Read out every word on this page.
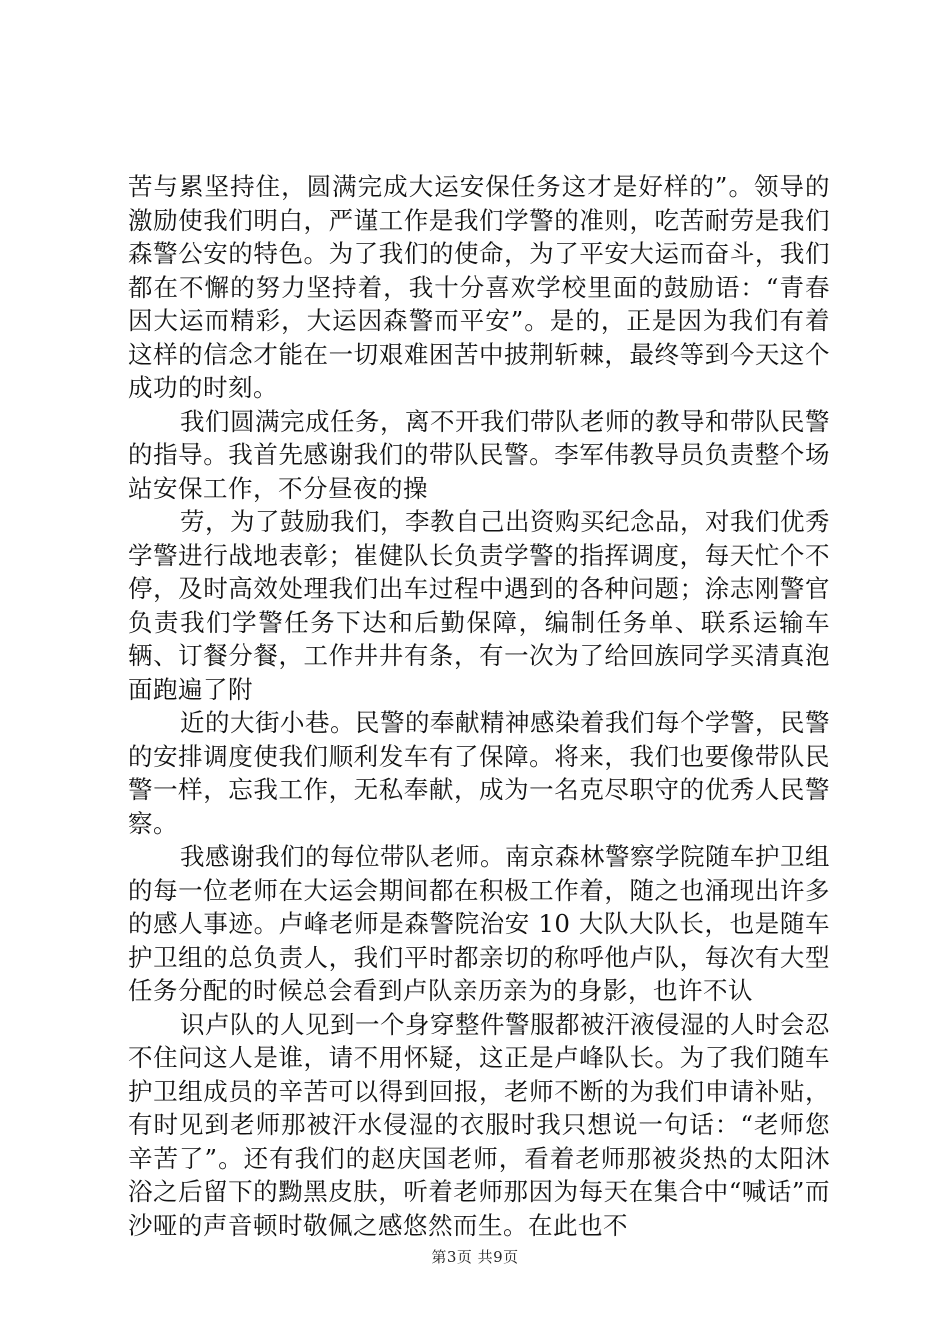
苦与累坚持住，圆满完成大运安保任务这才是好样的”。领导的激励使我们明白，严谨工作是我们学警的准则，吃苦耐劳是我们森警公安的特色。为了我们的使命，为了平安大运而奋斗，我们都在不懈的努力坚持着，我十分喜欢学校里面的鼓励语：“青春因大运而精彩，大运因森警而平安”。是的，正是因为我们有着这样的信念才能在一切艰难困苦中披荆斩棘，最终等到今天这个成功的时刻。

我们圆满完成任务，离不开我们带队老师的教导和带队民警的指导。我首先感谢我们的带队民警。李军伟教导员负责整个场站安保工作，不分昼夜的操

劳，为了鼓励我们，李教自己出资购买纪念品，对我们优秀学警进行战地表彰；崔健队长负责学警的指挥调度，每天忙个不停，及时高效处理我们出车过程中遇到的各种问题；涂志刚警官负责我们学警任务下达和后勤保障，编制任务单、联系运输车辆、订餐分餐，工作井井有条，有一次为了给回族同学买清真泡面跑遍了附

近的大街小巷。民警的奉献精神感染着我们每个学警，民警的安排调度使我们顺利发车有了保障。将来，我们也要像带队民警一样，忘我工作，无私奉献，成为一名克尽职守的优秀人民警察。

我感谢我们的每位带队老师。南京森林警察学院随车护卫组的每一位老师在大运会期间都在积极工作着，随之也涌现出许多的感人事迹。卢峰老师是森警院治安 10 大队大队长，也是随车护卫组的总负责人，我们平时都亲切的称呼他卢队，每次有大型任务分配的时候总会看到卢队亲历亲为的身影，也许不认

识卢队的人见到一个身穿整件警服都被汗液侵湿的人时会忍不住问这人是谁，请不用怀疑，这正是卢峰队长。为了我们随车护卫组成员的辛苦可以得到回报，老师不断的为我们申请补贴，有时见到老师那被汗水侵湿的衣服时我只想说一句话：“老师您辛苦了”。还有我们的赵庆国老师，看着老师那被炎热的太阳沐浴之后留下的黝黑皮肤，听着老师那因为每天在集合中“喊话”而沙哑的声音顿时敬佩之感悠然而生。在此也不

第3页 共9页
